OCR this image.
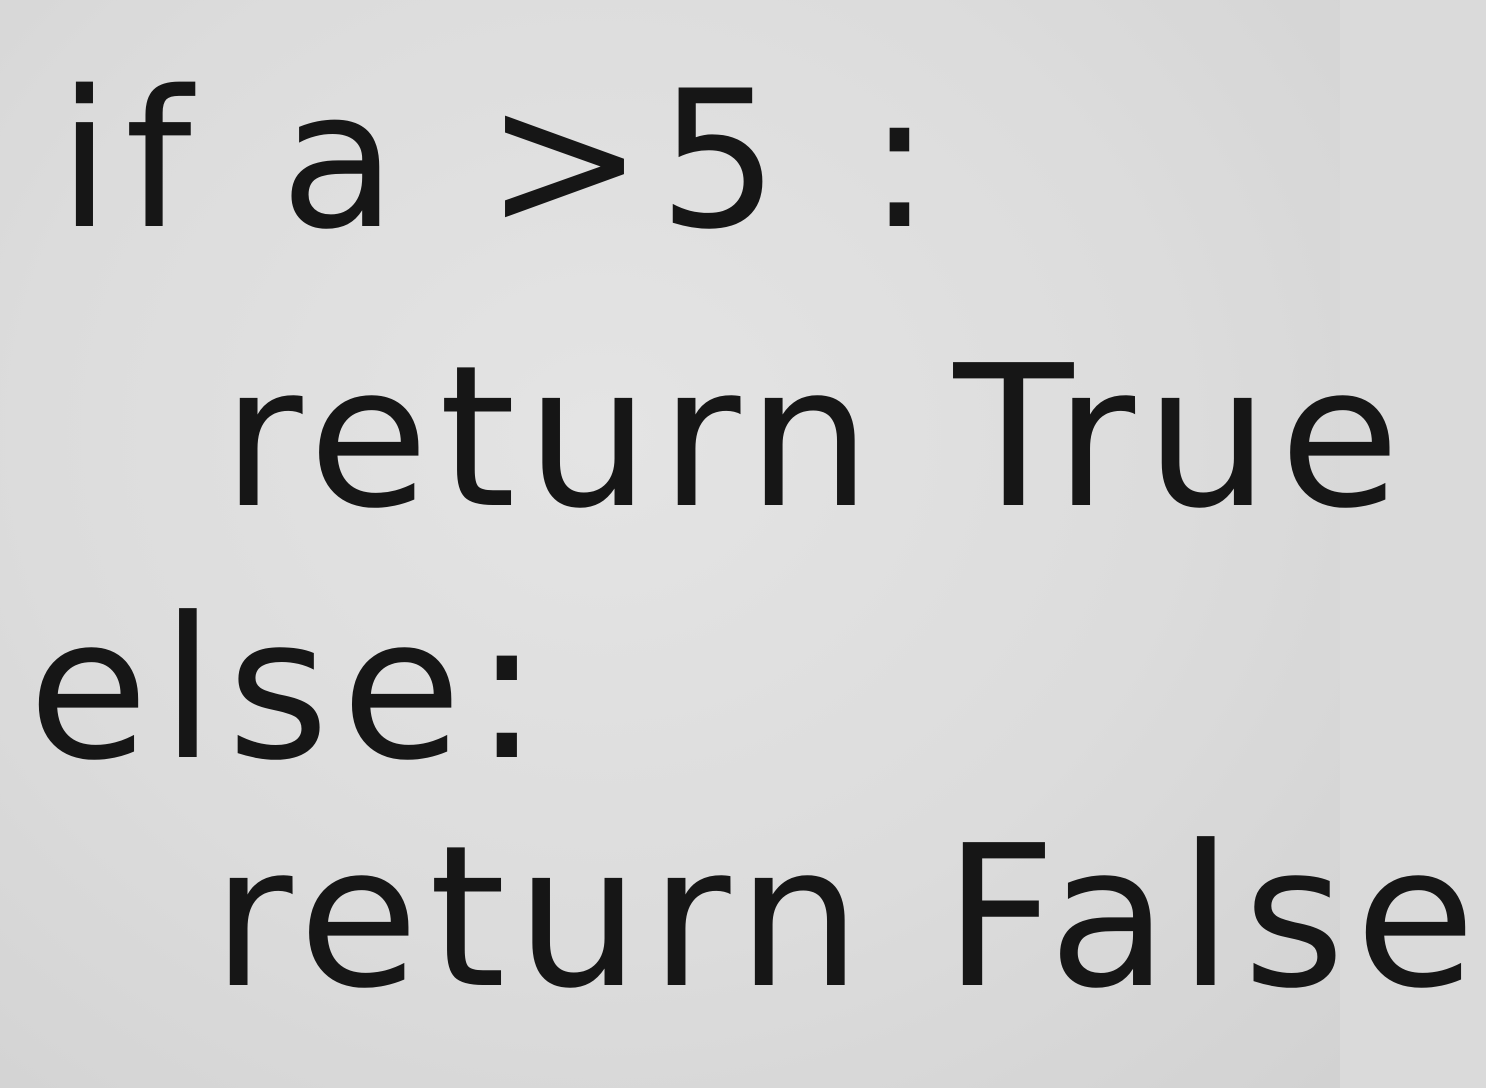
if a >5 :
return True
else:
return False
